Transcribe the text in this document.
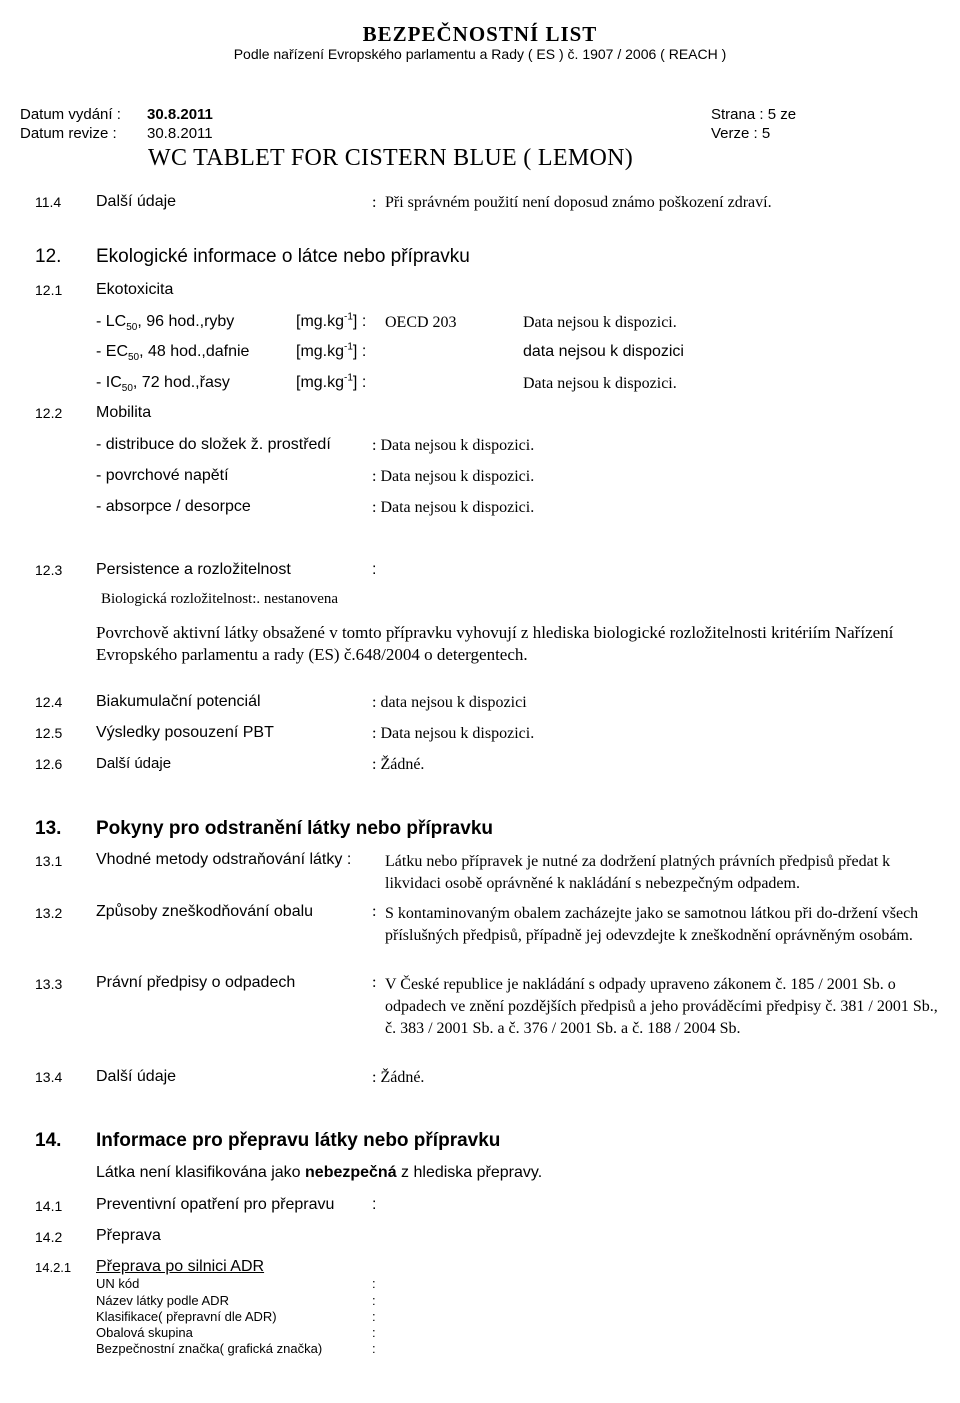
BEZPEČNOSTNÍ LIST
Podle nařízení Evropského parlamentu a Rady ( ES ) č. 1907 / 2006 ( REACH )
Datum vydání : 30.8.2011
Datum revize : 30.8.2011
Strana : 5 ze
Verze : 5
WC TABLET FOR CISTERN BLUE ( LEMON)
11.4 Další údaje	: Při správném použití není doposud známo poškození zdraví.
12. Ekologické informace o látce nebo přípravku
12.1 Ekotoxicita
- $LC_{50}$, 96 hod.,ryby	$[mg.kg^{-1}]$ : OECD 203	Data nejsou k dispozici.
- $EC_{50}$, 48 hod.,dafnie	$[mg.kg^{-1}]$ :	data nejsou k dispozici
- $IC_{50}$, 72 hod.,řasy	$[mg.kg^{-1}]$ :	Data nejsou k dispozici.
12.2 Mobilita
- distribuce do složek ž. prostředí	: Data nejsou k dispozici.
- povrchové napětí	: Data nejsou k dispozici.
- absorpce / desorpce	: Data nejsou k dispozici.
12.3 Persistence a rozložitelnost	:
Biologická rozložitelnost:. nestanovena
Povrchově aktivní látky obsažené v tomto přípravku vyhovují z hlediska biologické rozložitelnosti kritériím Nařízení Evropského parlamentu a rady (ES) č.648/2004 o detergentech.
12.4 Biakumulační potenciál	: data nejsou k dispozici
12.5 Výsledky posouzení PBT	: Data nejsou k dispozici.
12.6 Další údaje	: Žádné.
13. Pokyny pro odstranění látky nebo přípravku
13.1 Vhodné metody odstraňování látky : Látku nebo přípravek je nutné za dodržení platných právních předpisů předat k likvidaci osobě oprávněné k nakládání s nebezpečným odpadem.
13.2 Způsoby zneškodňování obalu	: S kontaminovaným obalem zacházejte jako se samotnou látkou při do-držení všech příslušných předpisů, případně jej odevzdejte k zneškodnění oprávněným osobám.
13.3 Právní předpisy o odpadech	: V České republice je nakládání s odpady upraveno zákonem č. 185 / 2001 Sb. o odpadech ve znění pozdějších předpisů a jeho prováděcími předpisy č. 381 / 2001 Sb., č. 383 / 2001 Sb. a č. 376 / 2001 Sb. a č. 188 / 2004 Sb.
13.4 Další údaje	: Žádné.
14. Informace pro přepravu látky nebo přípravku
Látka není klasifikována jako nebezpečná z hlediska přepravy.
14.1 Preventivní opatření pro přepravu :
14.2 Přeprava
14.2.1 Přeprava po silnici ADR
UN kód	:
Název látky podle ADR	:
Klasifikace( přepravní dle ADR)	:
Obalová skupina	:
Bezpečnostní značka( grafická značka)	:
